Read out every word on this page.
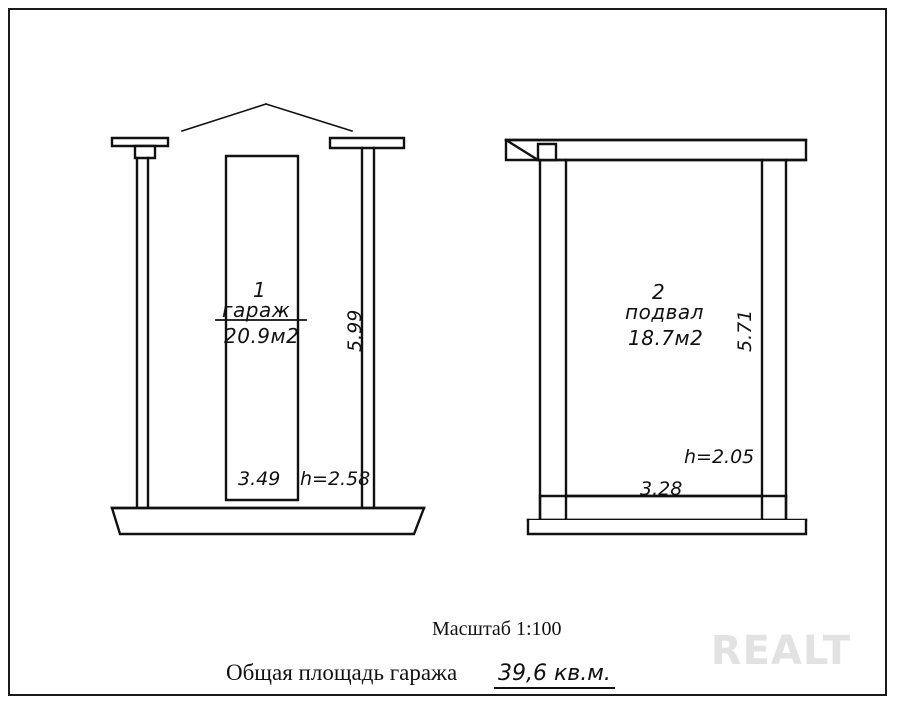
1
гараж
20.9м2
3.49 h=2.58
5.99
2
подвал
18.7м2
3.28
h=2.05
5.71
Масштаб 1:100
Общая площадь гаража 39,6 кв.м. REALT
